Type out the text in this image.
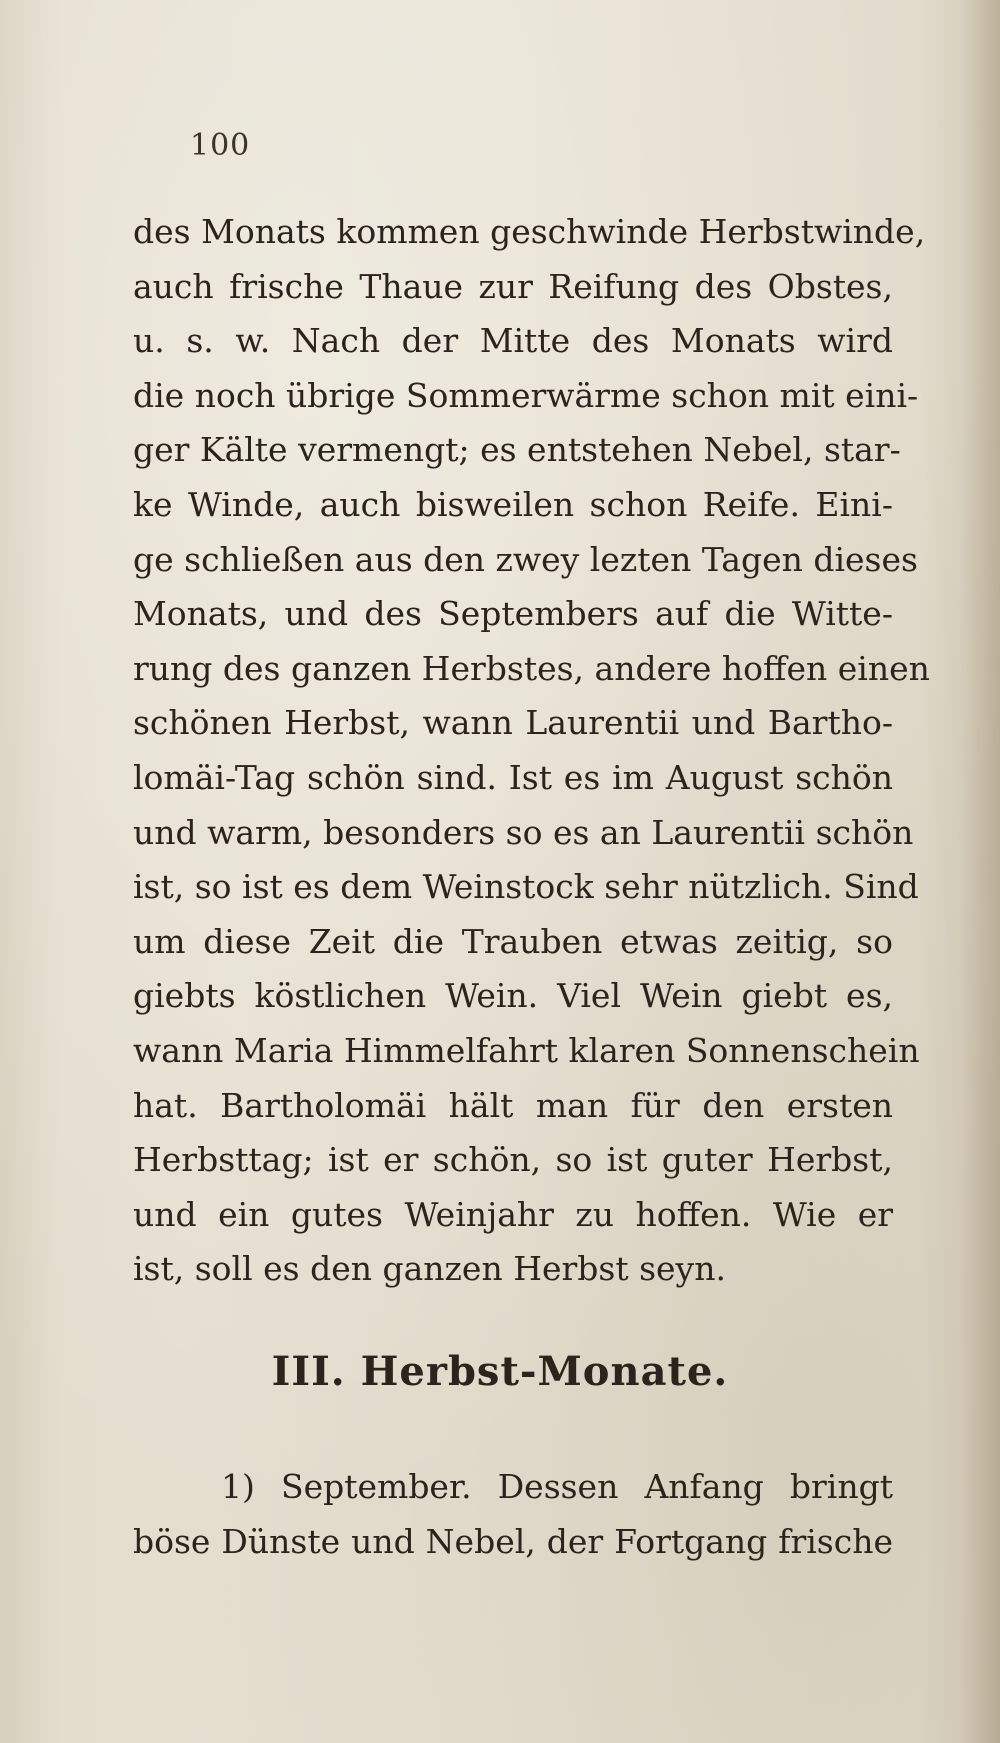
100
des Monats kommen geschwinde Herbstwinde,
auch frische Thaue zur Reifung des Obstes,
u. s. w. Nach der Mitte des Monats wird
die noch übrige Sommerwärme schon mit eini-
ger Kälte vermengt; es entstehen Nebel, star-
ke Winde, auch bisweilen schon Reife. Eini-
ge schließen aus den zwey lezten Tagen dieses
Monats, und des Septembers auf die Witte-
rung des ganzen Herbstes, andere hoffen einen
schönen Herbst, wann Laurentii und Bartho-
lomäi-Tag schön sind. Ist es im August schön
und warm, besonders so es an Laurentii schön
ist, so ist es dem Weinstock sehr nützlich. Sind
um diese Zeit die Trauben etwas zeitig, so
giebts köstlichen Wein. Viel Wein giebt es,
wann Maria Himmelfahrt klaren Sonnenschein
hat. Bartholomäi hält man für den ersten
Herbsttag; ist er schön, so ist guter Herbst,
und ein gutes Weinjahr zu hoffen. Wie er
ist, soll es den ganzen Herbst seyn.
III. Herbst-Monate.
1) September. Dessen Anfang bringt
böse Dünste und Nebel, der Fortgang frische
